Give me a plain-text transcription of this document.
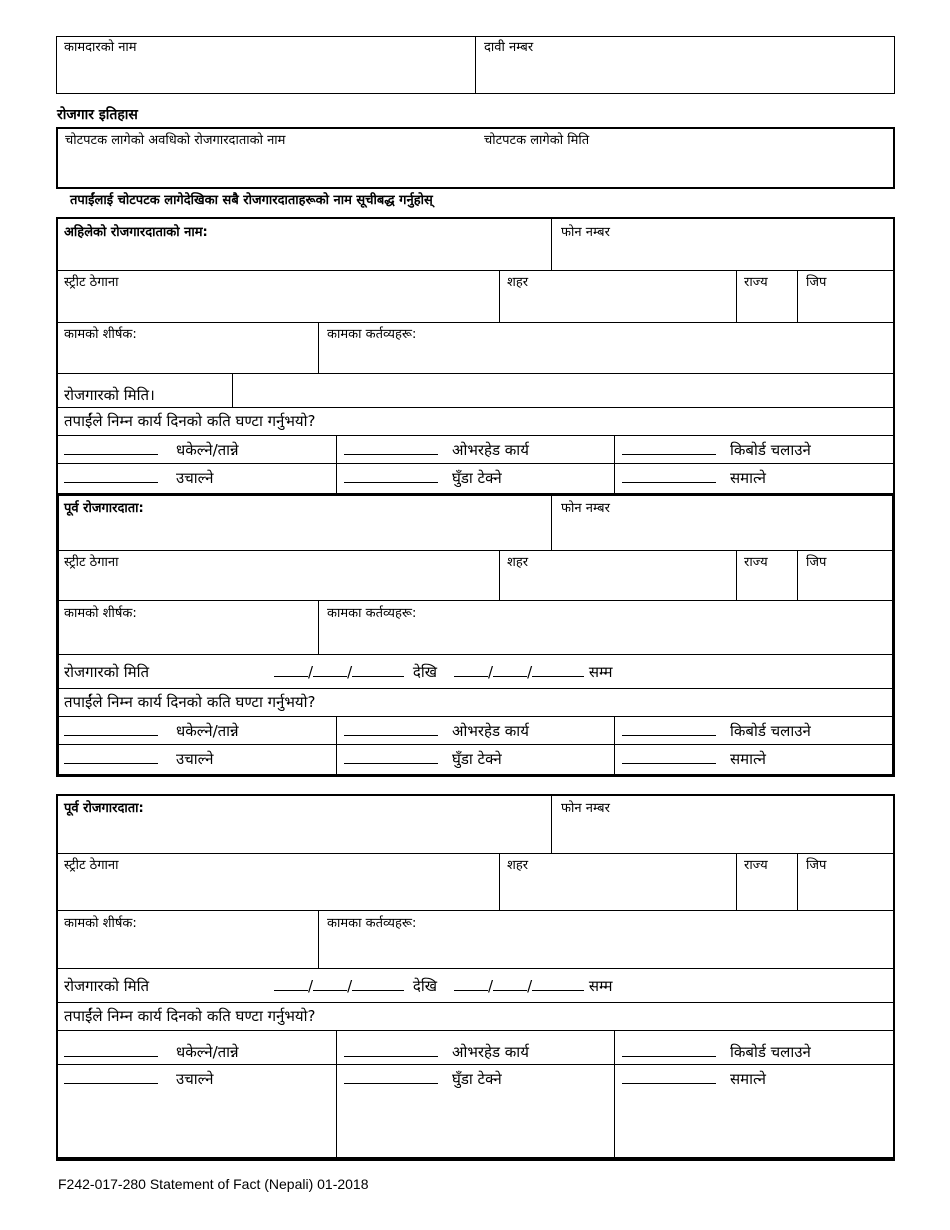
कामदारको नाम	दावी नम्बर
रोजगार इतिहास
चोटपटक लागेको अवधिको रोजगारदाताको नाम	चोटपटक लागेको मिति
तपाईंलाई चोटपटक लागेदेखिका सबै रोजगारदाताहरूको नाम सूचीबद्ध गर्नुहोस्
अहिलेको रोजगारदाताको नाम:	फोन नम्बर
स्ट्रीट ठेगाना	शहर	राज्य	जिप
कामको शीर्षक:	कामका कर्तव्यहरू:
रोजगारको मिति।
तपाईंले निम्न कार्य दिनको कति घण्टा गर्नुभयो?
धकेल्ने/तान्ने	ओभरहेड कार्य	किबोर्ड चलाउने
उचाल्ने	घुँडा टेक्ने	समात्ने
पूर्व रोजगारदाता:	फोन नम्बर
स्ट्रीट ठेगाना	शहर	राज्य	जिप
कामको शीर्षक:	कामका कर्तव्यहरू:
रोजगारको मिति	/ /	देखि	/ /	सम्म
तपाईंले निम्न कार्य दिनको कति घण्टा गर्नुभयो?
धकेल्ने/तान्ने	ओभरहेड कार्य	किबोर्ड चलाउने
उचाल्ने	घुँडा टेक्ने	समात्ने
पूर्व रोजगारदाता:	फोन नम्बर
स्ट्रीट ठेगाना	शहर	राज्य	जिप
कामको शीर्षक:	कामका कर्तव्यहरू:
रोजगारको मिति	/ /	देखि	/ /	सम्म
तपाईंले निम्न कार्य दिनको कति घण्टा गर्नुभयो?
धकेल्ने/तान्ने	ओभरहेड कार्य	किबोर्ड चलाउने
उचाल्ने	घुँडा टेक्ने	समात्ने
F242-017-280 Statement of Fact (Nepali) 01-2018
